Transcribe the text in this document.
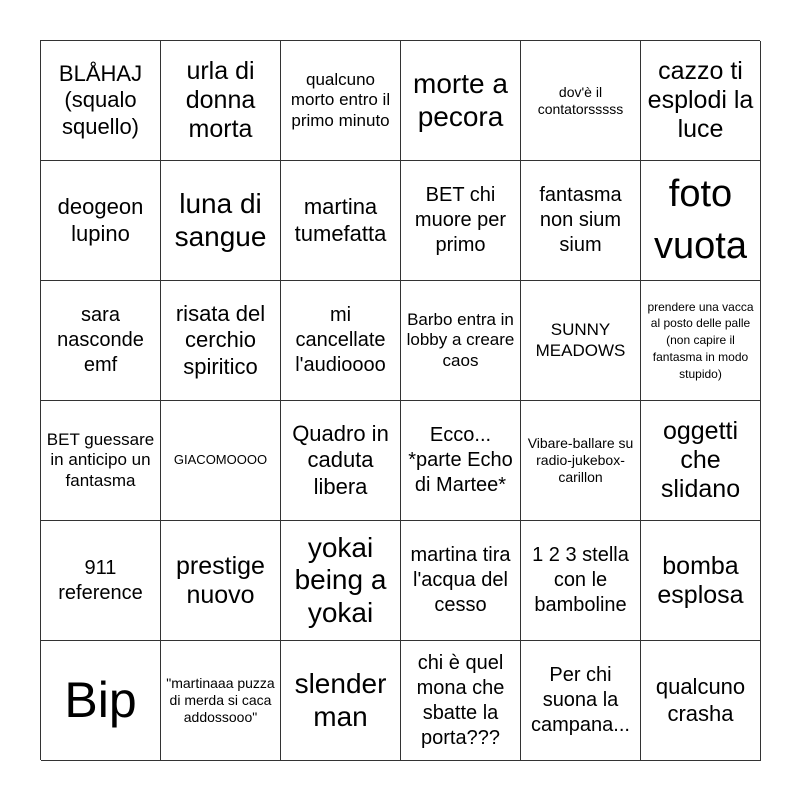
BLÅHAJ (squalo squello)
urla di donna morta
qualcuno morto entro il primo minuto
morte a pecora
dov'è il contatorsssss
cazzo ti esplodi la luce
deogeon lupino
luna di sangue
martina tumefatta
BET chi muore per primo
fantasma non sium sium
foto vuota
sara nasconde emf
risata del cerchio spiritico
mi cancellate l'audioooo
Barbo entra in lobby a creare caos
SUNNY MEADOWS
prendere una vacca al posto delle palle (non capire il fantasma in modo stupido)
BET guessare in anticipo un fantasma
GIACOMOOOO
Quadro in caduta libera
Ecco... *parte Echo di Martee*
Vibare-ballare su radio-jukebox-carillon
oggetti che slidano
911 reference
prestige nuovo
yokai being a yokai
martina tira l'acqua del cesso
1 2 3 stella con le bamboline
bomba esplosa
Bip	"martinaaa puzza di merda si caca addossooo"
slender man
chi è quel mona che sbatte la porta???
Per chi suona la campana...
qualcuno crasha
